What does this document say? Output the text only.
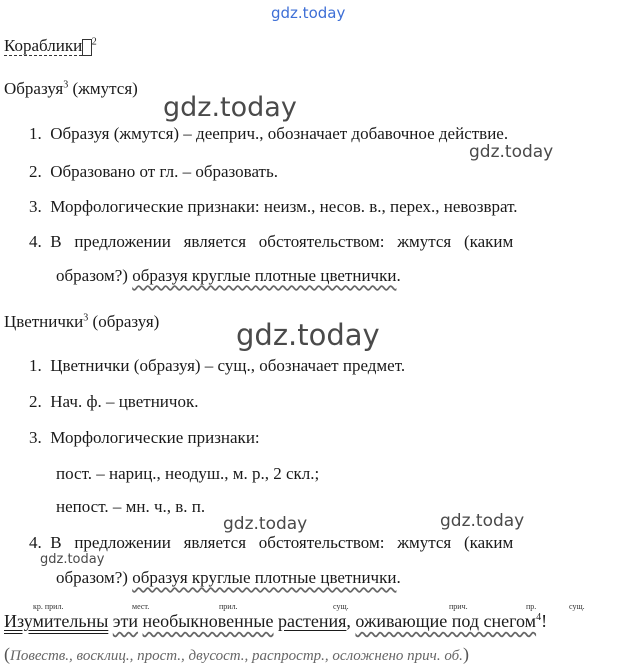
gdz.today
gdz.today
gdz.today
gdz.today
gdz.today	gdz.today
gdz.today
Кораблики $^2$
Образуя$^3$ (жмутся)
1. Образуя (жмутся) – дееприч., обозначает добавочное действие.
2. Образовано от гл. – образовать.
3. Морфологические признаки: неизм., несов. в., перех., невозврат.
4. В   предложении   является   обстоятельством:   жмутся   (каким
образом?) образуя круглые плотные цветнички.
Цветнички$^3$ (образуя)
1. Цветнички (образуя) – сущ., обозначает предмет.
2. Нач. ф. – цветничок.
3. Морфологические признаки:
пост. – нариц., неодуш., м. р., 2 скл.;
непост. – мн. ч., в. п.
4. В   предложении   является   обстоятельством:   жмутся   (каким
образом?) образуя круглые плотные цветнички.
кр. прил.	мест.	прил.	сущ.	прич.	пр.	сущ.
Изумительны эти необыкновенные растения, оживающие под снегом$^4$!
(Повеств., восклиц., прост., двусост., распростр., осложнено прич. об.)
